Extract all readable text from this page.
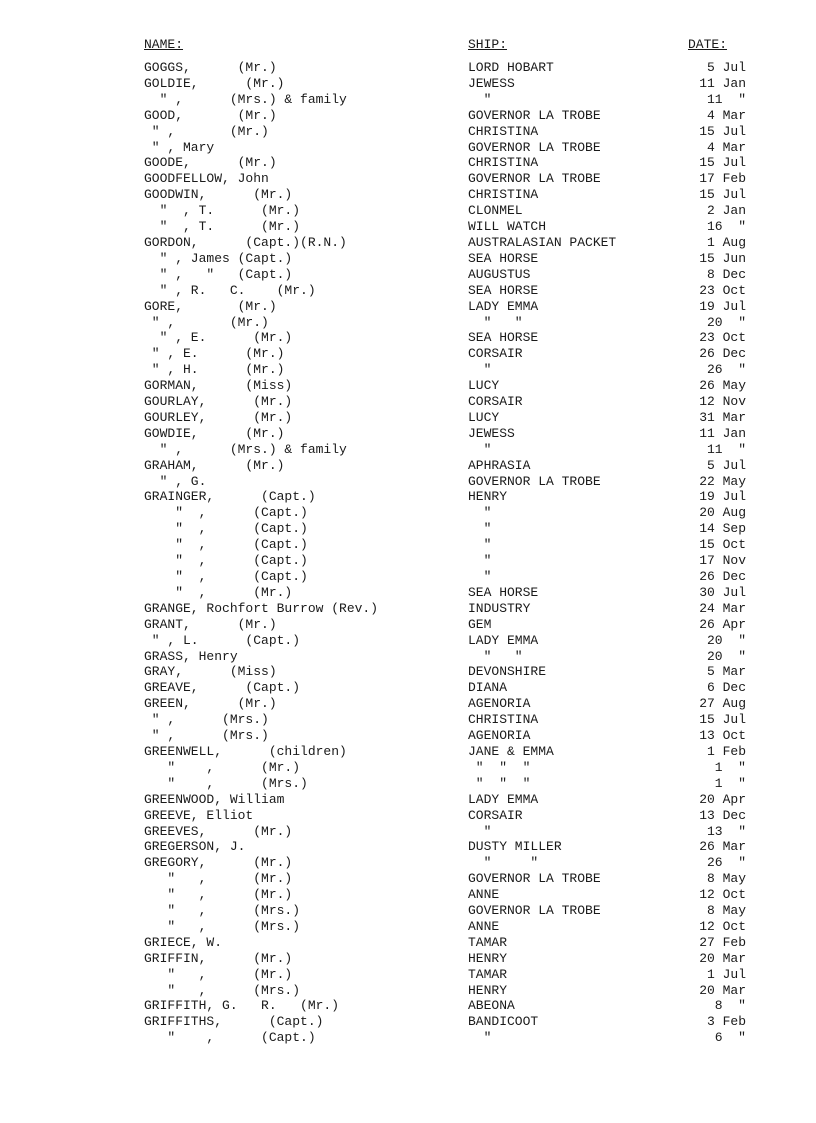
NAME:	SHIP:	DATE:
GOGGS,      (Mr.)	LORD HOBART	5 Jul
GOLDIE,      (Mr.)	JEWESS	11 Jan
" ,      (Mrs.) & family	"	11  "
GOOD,       (Mr.)	GOVERNOR LA TROBE	4 Mar
" ,       (Mr.)	CHRISTINA	15 Jul
" , Mary	GOVERNOR LA TROBE	4 Mar
GOODE,      (Mr.)	CHRISTINA	15 Jul
GOODFELLOW, John	GOVERNOR LA TROBE	17 Feb
GOODWIN,      (Mr.)	CHRISTINA	15 Jul
"  , T.      (Mr.)	CLONMEL	2 Jan
"  , T.      (Mr.)	WILL WATCH	16  "
GORDON,      (Capt.)(R.N.)	AUSTRALASIAN PACKET	1 Aug
" , James (Capt.)	SEA HORSE	15 Jun
" ,   "   (Capt.)	AUGUSTUS	8 Dec
" , R.   C.    (Mr.)	SEA HORSE	23 Oct
GORE,       (Mr.)	LADY EMMA	19 Jul
" ,       (Mr.)	"   "	20  "
" , E.      (Mr.)	SEA HORSE	23 Oct
" , E.      (Mr.)	CORSAIR	26 Dec
" , H.      (Mr.)	"	26  "
GORMAN,      (Miss)	LUCY	26 May
GOURLAY,      (Mr.)	CORSAIR	12 Nov
GOURLEY,      (Mr.)	LUCY	31 Mar
GOWDIE,      (Mr.)	JEWESS	11 Jan
" ,      (Mrs.) & family	"	11  "
GRAHAM,      (Mr.)	APHRASIA	5 Jul
" , G.	GOVERNOR LA TROBE	22 May
GRAINGER,      (Capt.)	HENRY	19 Jul
"  ,      (Capt.)	"	20 Aug
"  ,      (Capt.)	"	14 Sep
"  ,      (Capt.)	"	15 Oct
"  ,      (Capt.)	"	17 Nov
"  ,      (Capt.)	"	26 Dec
"  ,      (Mr.)	SEA HORSE	30 Jul
GRANGE, Rochfort Burrow (Rev.)	INDUSTRY	24 Mar
GRANT,      (Mr.)	GEM	26 Apr
" , L.      (Capt.)	LADY EMMA	20  "
GRASS, Henry	"   "	20  "
GRAY,      (Miss)	DEVONSHIRE	5 Mar
GREAVE,      (Capt.)	DIANA	6 Dec
GREEN,      (Mr.)	AGENORIA	27 Aug
" ,      (Mrs.)	CHRISTINA	15 Jul
" ,      (Mrs.)	AGENORIA	13 Oct
GREENWELL,      (children)	JANE & EMMA	1 Feb
"    ,      (Mr.)	"  "  "	1  "
"    ,      (Mrs.)	"  "  "	1  "
GREENWOOD, William	LADY EMMA	20 Apr
GREEVE, Elliot	CORSAIR	13 Dec
GREEVES,      (Mr.)	"	13  "
GREGERSON, J.	DUSTY MILLER	26 Mar
GREGORY,      (Mr.)	"     "	26  "
"   ,      (Mr.)	GOVERNOR LA TROBE	8 May
"   ,      (Mr.)	ANNE	12 Oct
"   ,      (Mrs.)	GOVERNOR LA TROBE	8 May
"   ,      (Mrs.)	ANNE	12 Oct
GRIECE, W.	TAMAR	27 Feb
GRIFFIN,      (Mr.)	HENRY	20 Mar
"   ,      (Mr.)	TAMAR	1 Jul
"   ,      (Mrs.)	HENRY	20 Mar
GRIFFITH, G.   R.   (Mr.)	ABEONA	8  "
GRIFFITHS,      (Capt.)	BANDICOOT	3 Feb
"    ,      (Capt.)	"	6  "
